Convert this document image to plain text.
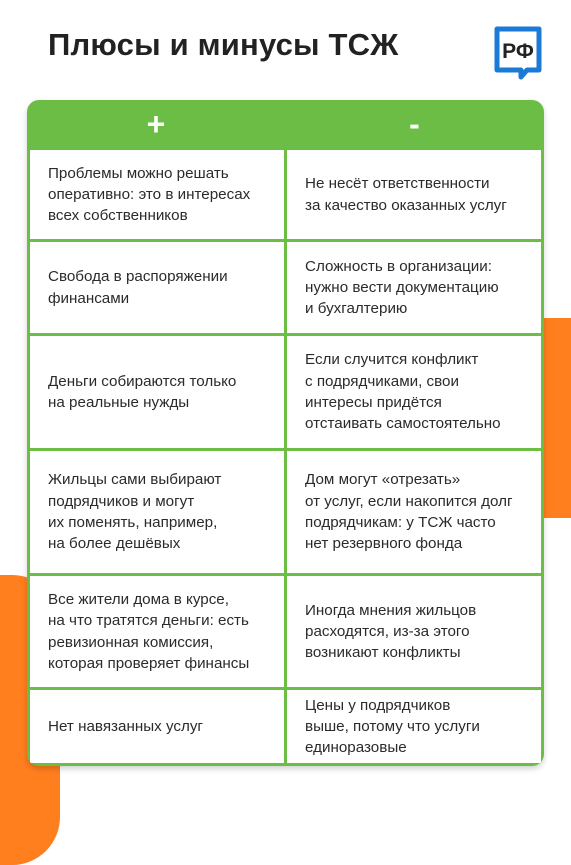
Плюсы и минусы ТСЖ	РФ
+	-
Проблемы можно решать
оперативно: это в интересах
всех собственников
Не несёт ответственности
за качество оказанных услуг
Свобода в распоряжении
финансами
Сложность в организации:
нужно вести документацию
и бухгалтерию
Деньги собираются только
на реальные нужды
Если случится конфликт
с подрядчиками, свои
интересы придётся
отстаивать самостоятельно
Жильцы сами выбирают
подрядчиков и могут
их поменять, например,
на более дешёвых
Дом могут «отрезать»
от услуг, если накопится долг
подрядчикам: у ТСЖ часто
нет резервного фонда
Все жители дома в курсе,
на что тратятся деньги: есть
ревизионная комиссия,
которая проверяет финансы
Иногда мнения жильцов
расходятся, из-за этого
возникают конфликты
Нет навязанных услуг
Цены у подрядчиков
выше, потому что услуги
единоразовые
